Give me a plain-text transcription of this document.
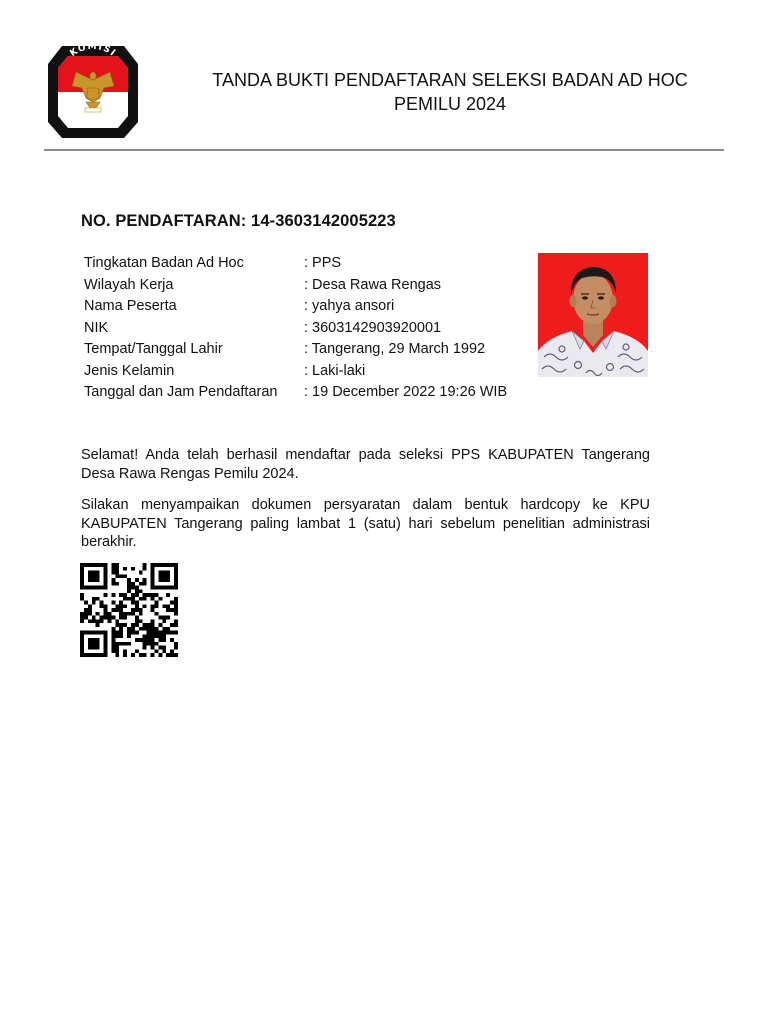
KOMISI
PEMILIHAN UMUM
TANDA BUKTI PENDAFTARAN SELEKSI BADAN AD HOC
PEMILU 2024
NO. PENDAFTARAN: 14-3603142005223
Tingkatan Badan Ad Hoc	: PPS
Wilayah Kerja	: Desa Rawa Rengas
Nama Peserta	: yahya ansori
NIK	: 3603142903920001
Tempat/Tanggal Lahir	: Tangerang, 29 March 1992
Jenis Kelamin	: Laki-laki
Tanggal dan Jam Pendaftaran : 19 December 2022 19:26 WIB

Selamat! Anda telah berhasil mendaftar pada seleksi PPS KABUPATEN Tangerang Desa Rawa Rengas Pemilu 2024.

Silakan menyampaikan dokumen persyaratan dalam bentuk hardcopy ke KPU KABUPATEN Tangerang paling lambat 1 (satu) hari sebelum penelitian administrasi berakhir.
